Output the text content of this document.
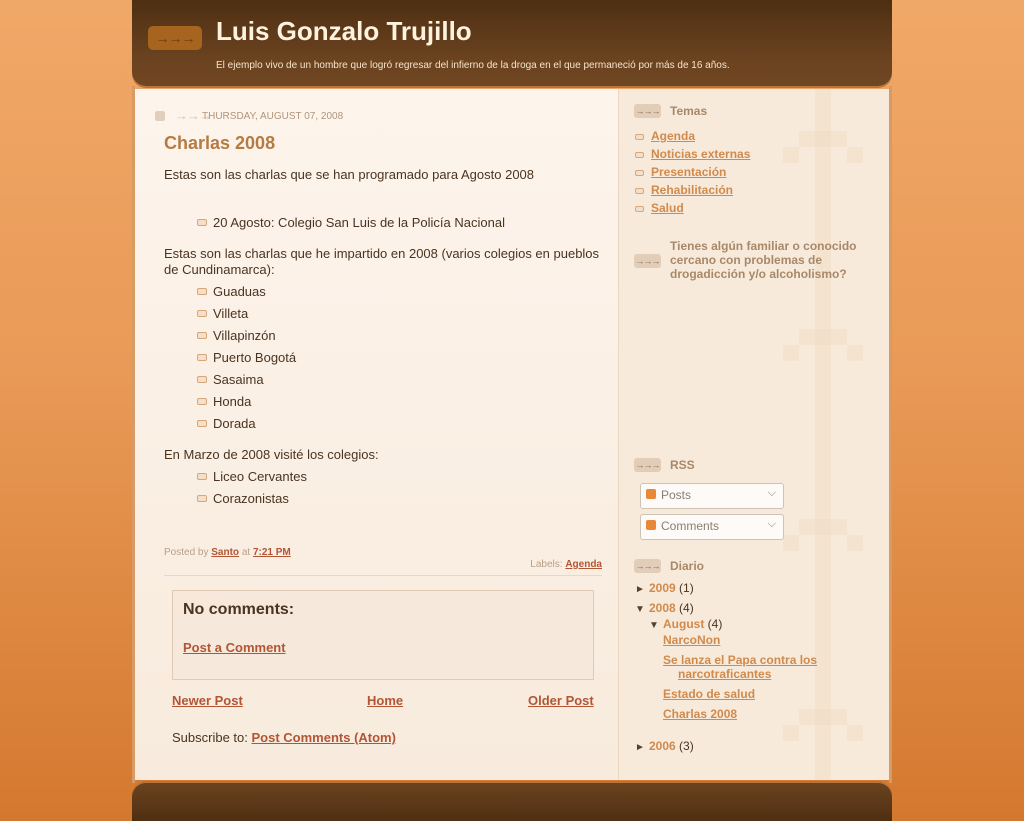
→→→ Luis Gonzalo Trujillo

El ejemplo vivo de un hombre que logró regresar del infierno de la droga en el que permaneció por más de 16 años.

→→→
THURSDAY, AUGUST 07, 2008
Charlas 2008

Estas son las charlas que se han programado para Agosto 2008

20 Agosto: Colegio San Luis de la Policía Nacional

Estas son las charlas que he impartido en 2008 (varios colegios en pueblos de Cundinamarca):

Guaduas
Villeta
Villapinzón
Puerto Bogotá
Sasaima
Honda
Dorada

En Marzo de 2008 visité los colegios:

Liceo Cervantes
Corazonistas
Posted by Santo at 7:21 PM
Labels: Agenda
No comments:
Post a Comment
Newer Post	Home	Older Post
Subscribe to: Post Comments (Atom)
→→→ Temas
Agenda
Noticias externas
Presentación
Rehabilitación
Salud
→→→
Tienes algún familiar o conocido cercano con problemas de drogadicción y/o alcoholismo?
→→→ RSS
Posts	⌵
Comments	⌵
→→→ Diario
► 2009 (1)
▼ 2008 (4)
▼ August (4)
NarcoNon
Se lanza el Papa contra los
narcotraficantes
Estado de salud
Charlas 2008
► 2006 (3)
